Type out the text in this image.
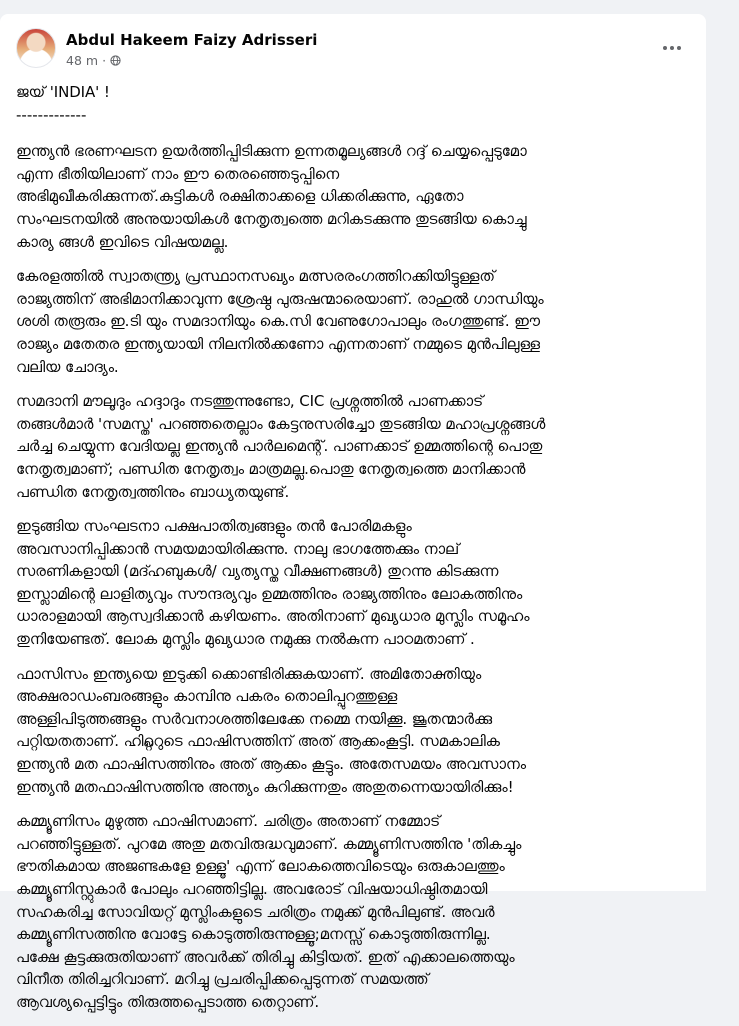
Abdul Hakeem Faizy Adrisseri
48 m ·
ജയ് 'INDIA' !
-------------
ഇന്ത്യൻ ഭരണഘടന ഉയർത്തിപ്പിടിക്കുന്ന ഉന്നതമൂല്യങ്ങൾ റദ്ദ് ചെയ്യപ്പെടുമോ
എന്ന ഭീതിയിലാണ് നാം ഈ തെരഞ്ഞെടുപ്പിനെ
അഭിമുഖീകരിക്കുന്നത്.കുട്ടികൾ രക്ഷിതാക്കളെ ധിക്കരിക്കുന്നു, ഏതോ
സംഘടനയിൽ അനുയായികൾ നേതൃത്വത്തെ മറികടക്കുന്നു തുടങ്ങിയ കൊച്ചു
കാര്യ ങ്ങൾ ഇവിടെ വിഷയമല്ല.
കേരളത്തിൽ സ്വാതന്ത്ര്യ പ്രസ്ഥാനസഖ്യം മത്സരരംഗത്തിറക്കിയിട്ടുള്ളത്
രാജ്യത്തിന് അഭിമാനിക്കാവുന്ന ശ്രേഷ്ഠ പുരുഷന്മാരെയാണ്. രാഹുൽ ഗാന്ധിയും
ശശി തരൂരും ഇ.ടി യും സമദാനിയും കെ.സി വേണുഗോപാലും രംഗത്തുണ്ട്. ഈ
രാജ്യം മതേതര ഇന്ത്യയായി നിലനിൽക്കണോ എന്നതാണ് നമ്മുടെ മുൻപിലുള്ള
വലിയ ചോദ്യം.
സമദാനി മൗലൂദും ഹദ്ദാദും നടത്തുന്നുണ്ടോ, CIC പ്രശ്നത്തിൽ പാണക്കാട്
തങ്ങൾമാർ 'സമസ്ത' പറഞ്ഞതെല്ലാം കേട്ടനുസരിച്ചോ തുടങ്ങിയ മഹാപ്രശ്നങ്ങൾ
ചർച്ച ചെയ്യുന്ന വേദിയല്ല ഇന്ത്യൻ പാർലമെന്റ്. പാണക്കാട് ഉമ്മത്തിന്റെ പൊതു
നേതൃത്വമാണ്; പണ്ഡിത നേതൃത്വം മാത്രമല്ല.പൊതു നേതൃത്വത്തെ മാനിക്കാൻ
പണ്ഡിത നേതൃത്വത്തിനും ബാധ്യതയുണ്ട്.
ഇടുങ്ങിയ സംഘടനാ പക്ഷപാതിത്വങ്ങളും തൻ പോരിമകളും
അവസാനിപ്പിക്കാൻ സമയമായിരിക്കുന്നു. നാലു ഭാഗത്തേക്കും നാല്
സരണികളായി (മദ്ഹബുകൾ/ വ്യത്യസ്ത വീക്ഷണങ്ങൾ) തുറന്നു കിടക്കുന്ന
ഇസ്ലാമിന്റെ ലാളിത്യവും സൗന്ദര്യവും ഉമ്മത്തിനും രാജ്യത്തിനും ലോകത്തിനും
ധാരാളമായി ആസ്വദിക്കാൻ കഴിയണം. അതിനാണ് മുഖ്യധാര മുസ്ലിം സമൂഹം
തുനിയേണ്ടത്. ലോക മുസ്ലിം മുഖ്യധാര നമുക്കു നൽകുന്ന പാഠമതാണ് .
ഫാസിസം ഇന്ത്യയെ ഇടുക്കി ക്കൊണ്ടിരിക്കുകയാണ്. അമിതോക്തിയും
അക്ഷരാഡംബരങ്ങളും കാമ്പിനു പകരം തൊലിപ്പുറത്തുള്ള
അള്ളിപിടുത്തങ്ങളും സർവനാശത്തിലേക്കേ നമ്മെ നയിക്കൂ. ജൂതന്മാർക്കു
പറ്റിയതതാണ്. ഹിറ്റ്ലറുടെ ഫാഷിസത്തിന് അത് ആക്കംകൂട്ടി. സമകാലിക
ഇന്ത്യൻ മത ഫാഷിസത്തിനും അത് ആക്കം കൂട്ടും. അതേസമയം അവസാനം
ഇന്ത്യൻ മതഫാഷിസത്തിനു അന്ത്യം കുറിക്കുന്നതും അതുതന്നെയായിരിക്കും!
കമ്മ്യൂണിസം മുഴുത്ത ഫാഷിസമാണ്. ചരിത്രം അതാണ് നമ്മോട്
പറഞ്ഞിട്ടുള്ളത്. പുറമേ അതു മതവിരുദ്ധവുമാണ്. കമ്മ്യൂണിസത്തിനു 'തികച്ചും
ഭൗതികമായ അജണ്ടകളേ ഉള്ളൂ' എന്ന് ലോകത്തെവിടെയും ഒരുകാലത്തും
കമ്മ്യൂണിസ്റ്റുകാർ പോലും പറഞ്ഞിട്ടില്ല. അവരോട് വിഷയാധിഷ്ഠിതമായി
സഹകരിച്ച സോവിയറ്റ് മുസ്ലിംകളുടെ ചരിത്രം നമുക്ക് മുൻപിലുണ്ട്. അവർ
കമ്മ്യൂണിസത്തിനു വോട്ടേ കൊടുത്തിരുന്നുള്ളൂ;മനസ്സ് കൊടുത്തിരുന്നില്ല.
പക്ഷേ കൂട്ടക്കുരുതിയാണ് അവർക്ക് തിരിച്ചു കിട്ടിയത്. ഇത് എക്കാലത്തെയും
വിനീത തിരിച്ചറിവാണ്. മറിച്ചു പ്രചരിപ്പിക്കപ്പെടുന്നത് സമയത്ത്
ആവശ്യപ്പെട്ടിട്ടും തിരുത്തപ്പെടാത്ത തെറ്റാണ്.
